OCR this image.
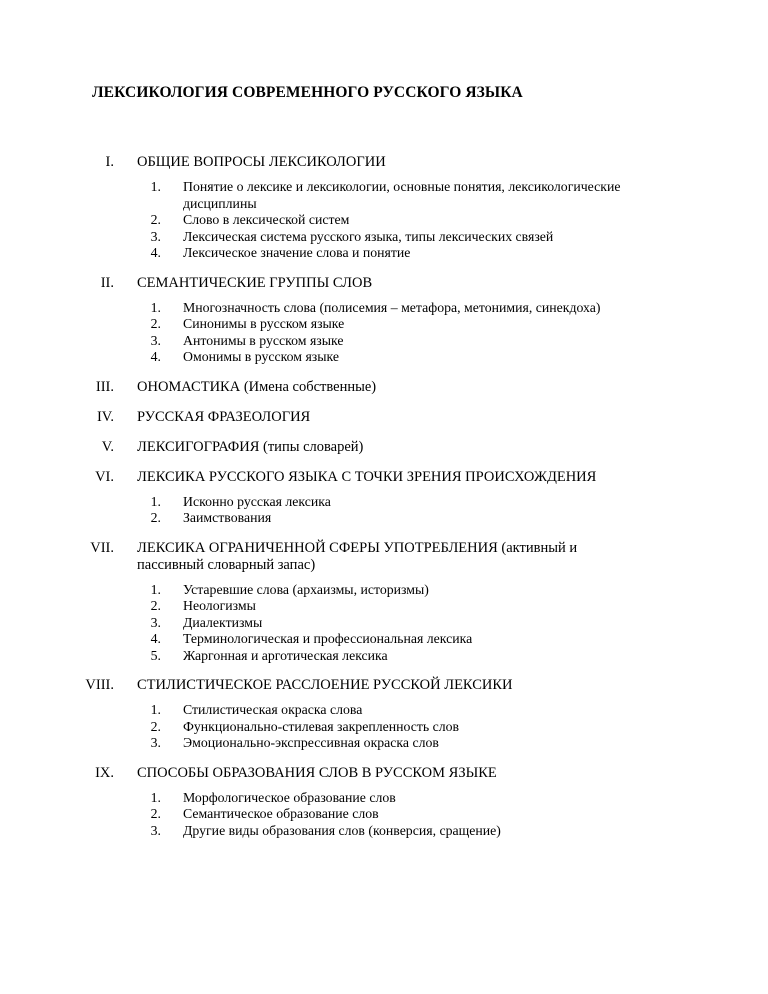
ЛЕКСИКОЛОГИЯ СОВРЕМЕННОГО РУССКОГО ЯЗЫКА
I. ОБЩИЕ ВОПРОСЫ ЛЕКСИКОЛОГИИ
1. Понятие о лексике и лексикологии, основные понятия, лексикологические дисциплины
2. Слово в лексической систем
3. Лексическая система русского языка, типы лексических связей
4. Лексическое значение слова и понятие
II. СЕМАНТИЧЕСКИЕ ГРУППЫ СЛОВ
1. Многозначность слова (полисемия – метафора, метонимия, синекдоха)
2. Синонимы в русском языке
3. Антонимы в русском языке
4. Омонимы в русском языке
III. ОНОМАСТИКА (Имена собственные)
IV. РУССКАЯ ФРАЗЕОЛОГИЯ
V. ЛЕКСИГОГРАФИЯ (типы словарей)
VI. ЛЕКСИКА РУССКОГО ЯЗЫКА С ТОЧКИ ЗРЕНИЯ ПРОИСХОЖДЕНИЯ
1. Исконно русская лексика
2. Заимствования
VII. ЛЕКСИКА ОГРАНИЧЕННОЙ СФЕРЫ УПОТРЕБЛЕНИЯ (активный и пассивный словарный запас)
1. Устаревшие слова (архаизмы, историзмы)
2. Неологизмы
3. Диалектизмы
4. Терминологическая и профессиональная лексика
5. Жаргонная и арготическая лексика
VIII. СТИЛИСТИЧЕСКОЕ РАССЛОЕНИЕ РУССКОЙ ЛЕКСИКИ
1. Стилистическая окраска слова
2. Функционально-стилевая закрепленность слов
3. Эмоционально-экспрессивная окраска слов
IX. СПОСОБЫ ОБРАЗОВАНИЯ СЛОВ В РУССКОМ ЯЗЫКЕ
1. Морфологическое образование слов
2. Семантическое образование слов
3. Другие виды образования слов (конверсия, сращение)
